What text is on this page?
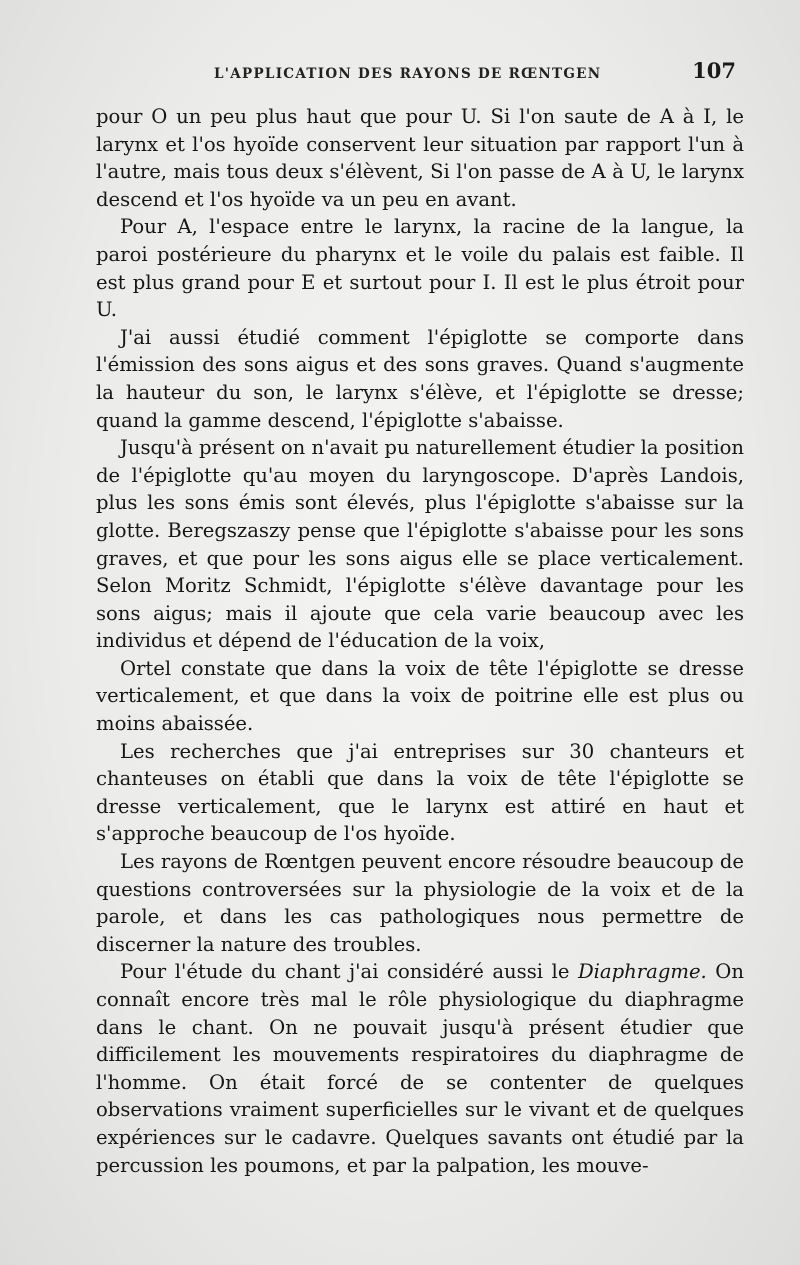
L'APPLICATION DES RAYONS DE RŒNTGEN	107

pour O un peu plus haut que pour U. Si l'on saute de A à I, le larynx et l'os hyoïde conservent leur situation par rapport l'un à l'autre, mais tous deux s'élèvent, Si l'on passe de A à U, le larynx descend et l'os hyoïde va un peu en avant.

Pour A, l'espace entre le larynx, la racine de la langue, la paroi postérieure du pharynx et le voile du palais est faible. Il est plus grand pour E et surtout pour I. Il est le plus étroit pour U.

J'ai aussi étudié comment l'épiglotte se comporte dans l'émission des sons aigus et des sons graves. Quand s'augmente la hauteur du son, le larynx s'élève, et l'épiglotte se dresse; quand la gamme descend, l'épiglotte s'abaisse.

Jusqu'à présent on n'avait pu naturellement étudier la position de l'épiglotte qu'au moyen du laryngoscope. D'après Landois, plus les sons émis sont élevés, plus l'épiglotte s'abaisse sur la glotte. Beregszaszy pense que l'épiglotte s'abaisse pour les sons graves, et que pour les sons aigus elle se place verticalement. Selon Moritz Schmidt, l'épiglotte s'élève davantage pour les sons aigus; mais il ajoute que cela varie beaucoup avec les individus et dépend de l'éducation de la voix,

Ortel constate que dans la voix de tête l'épiglotte se dresse verticalement, et que dans la voix de poitrine elle est plus ou moins abaissée.

Les recherches que j'ai entreprises sur 30 chanteurs et chanteuses on établi que dans la voix de tête l'épiglotte se dresse verticalement, que le larynx est attiré en haut et s'approche beaucoup de l'os hyoïde.

Les rayons de Rœntgen peuvent encore résoudre beaucoup de questions controversées sur la physiologie de la voix et de la parole, et dans les cas pathologiques nous permettre de discerner la nature des troubles.

Pour l'étude du chant j'ai considéré aussi le Diaphragme. On connaît encore très mal le rôle physiologique du diaphragme dans le chant. On ne pouvait jusqu'à présent étudier que difficilement les mouvements respiratoires du diaphragme de l'homme. On était forcé de se contenter de quelques observations vraiment superficielles sur le vivant et de quelques expériences sur le cadavre. Quelques savants ont étudié par la percussion les poumons, et par la palpation, les mouve-
